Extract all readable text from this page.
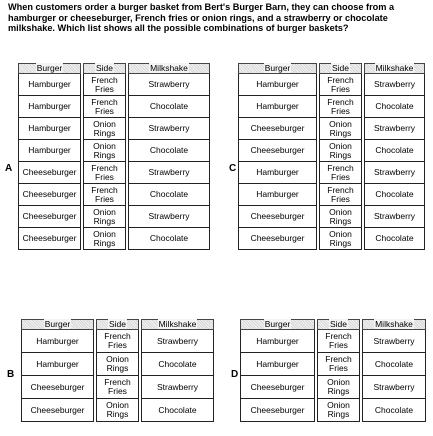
When customers order a burger basket from Bert's Burger Barn, they can choose from a hamburger or cheeseburger, French fries or onion rings, and a strawberry or chocolate milkshake. Which list shows all the possible combinations of burger baskets?
A
Burger		Side		Milkshake
Hamburger		French Fries		Strawberry
Hamburger		French Fries		Chocolate
Hamburger		Onion Rings		Strawberry
Hamburger		Onion Rings		Chocolate
Cheeseburger		French Fries		Strawberry
Cheeseburger		French Fries		Chocolate
Cheeseburger		Onion Rings		Strawberry
Cheeseburger		Onion Rings		Chocolate
C
Burger		Side		Milkshake
Hamburger		French Fries		Strawberry
Hamburger		French Fries		Chocolate
Cheeseburger		Onion Rings		Strawberry
Cheeseburger		Onion Rings		Chocolate
Hamburger		French Fries		Strawberry
Hamburger		French Fries		Chocolate
Cheeseburger		Onion Rings		Strawberry
Cheeseburger		Onion Rings		Chocolate
B
Burger		Side		Milkshake
Hamburger		French Fries		Strawberry
Hamburger		Onion Rings		Chocolate
Cheeseburger		French Fries		Strawberry
Cheeseburger		Onion Rings		Chocolate
D
Burger		Side		Milkshake
Hamburger		French Fries		Strawberry
Hamburger		French Fries		Chocolate
Cheeseburger		Onion Rings		Strawberry
Cheeseburger		Onion Rings		Chocolate
